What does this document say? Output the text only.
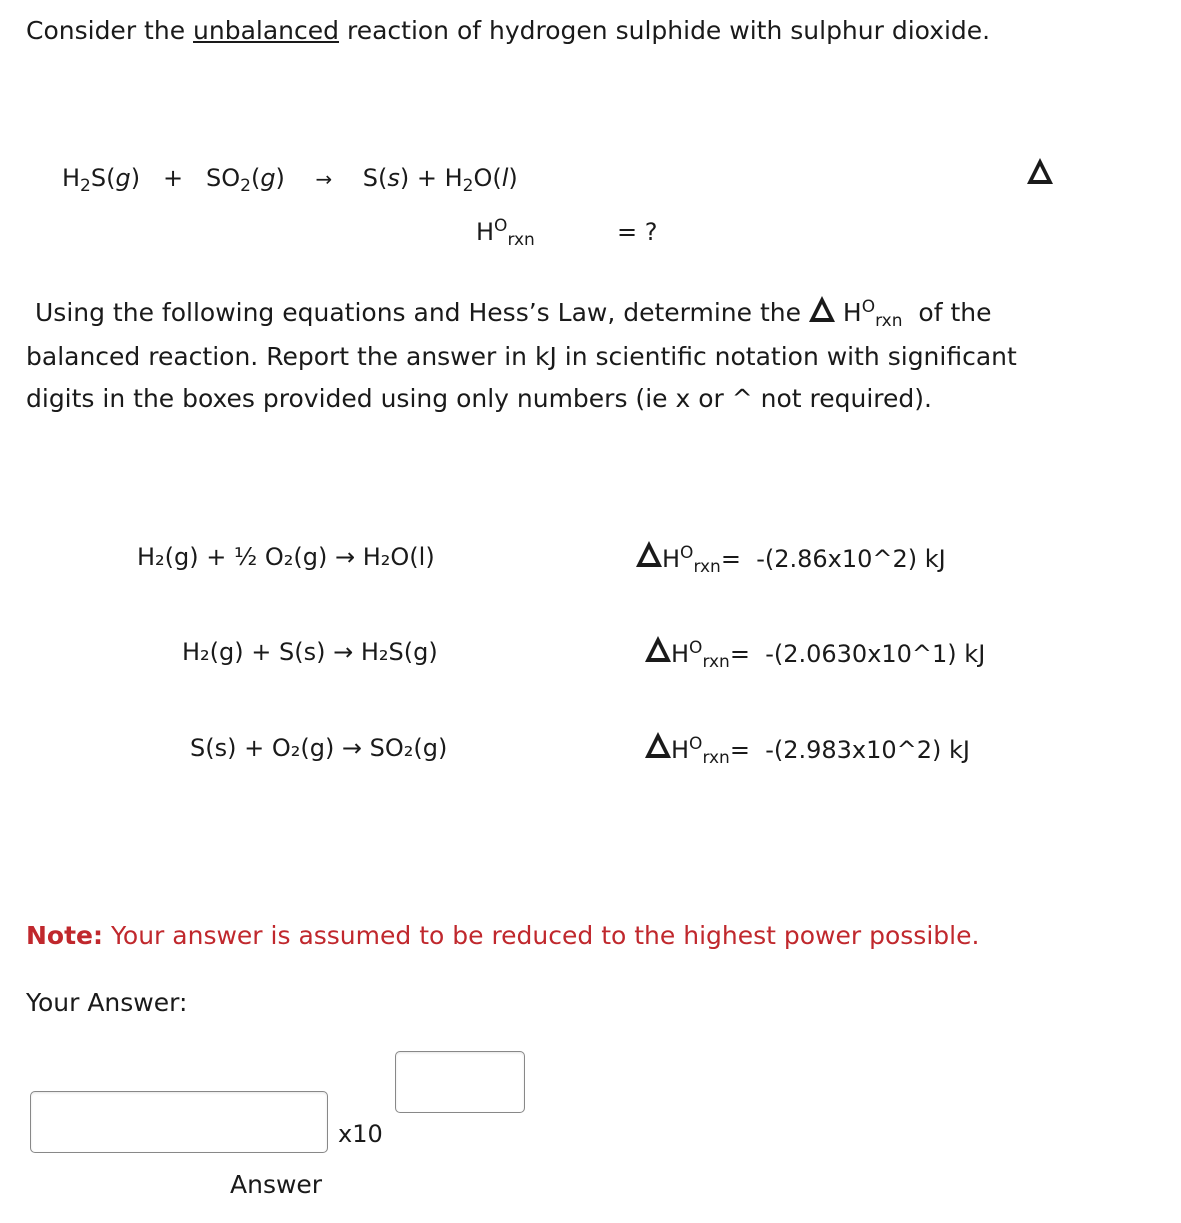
Consider the unbalanced reaction of hydrogen sulphide with sulphur dioxide.
$H_2S(g) + SO_2(g) \to S(s) + H_2O(l)$
$H^O_{rxn}$	= ?
Using the following equations and Hess’s Law, determine the $H^O_{rxn}$ of the
balanced reaction. Report the answer in kJ in scientific notation with significant
digits in the boxes provided using only numbers (ie x or ^ not required).
H₂(g) + ½ O₂(g) → H₂O(l)
H₂(g) + S(s) → H₂S(g)
S(s) + O₂(g) → SO₂(g)
$H^O_{rxn}=$ -(2.86x10^2) kJ
$H^O_{rxn}=$ -(2.0630x10^1) kJ
$H^O_{rxn}=$ -(2.983x10^2) kJ
Note: Your answer is assumed to be reduced to the highest power possible.
Your Answer:
x10
Answer
